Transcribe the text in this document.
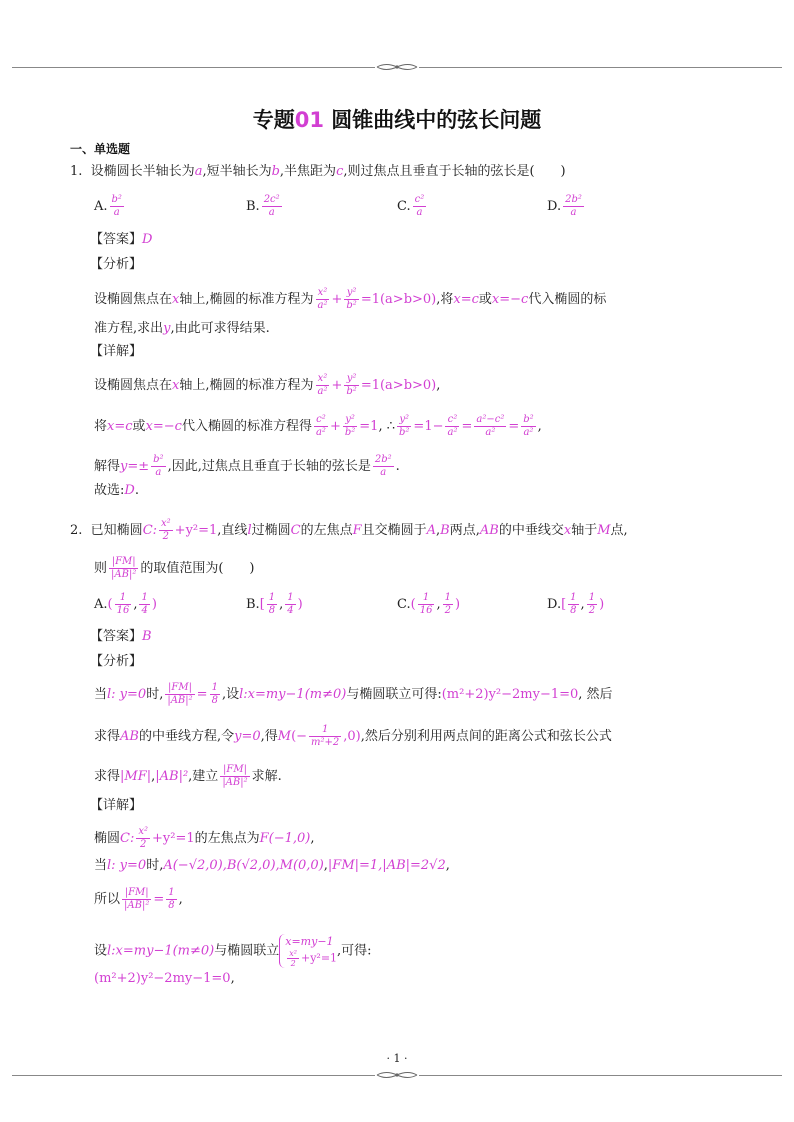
专题01 圆锥曲线中的弦长问题
一、单选题
1. 设椭圆长半轴长为a,短半轴长为b,半焦距为c,则过焦点且垂直于长轴的弦长是(　　)
A. $\frac{\text{b²}}{a}$	B. $\frac{\text{2c²}}{a}$	C. $\frac{\text{c²}}{a}$	D. $\frac{\text{2b²}}{a}$
【答案】D
【分析】
设椭圆焦点在x轴上,椭圆的标准方程为 $\frac{\text{x²}}{\text{a²}} + \frac{\text{y²}}{\text{b²}} =1(a>b>0)$,将x=c或x=−c代入椭圆的标
准方程,求出y,由此可求得结果.
【详解】
设椭圆焦点在x轴上,椭圆的标准方程为 $\frac{\text{x²}}{\text{a²}} + \frac{\text{y²}}{\text{b²}} =1(a>b>0)$,
将x=c或x=−c代入椭圆的标准方程得 $\frac{\text{c²}}{\text{a²}} + \frac{\text{y²}}{\text{b²}} =1$, ∴ $\frac{\text{y²}}{\text{b²}} =1- \frac{\text{c²}}{\text{a²}} = \frac{\text{a²−c²}}{\text{a²}} = \frac{\text{b²}}{\text{a²}}$ ,
解得$y=\pm \frac{\text{b²}}{a}$ ,因此,过焦点且垂直于长轴的弦长是 $\frac{\text{2b²}}{a}$ .
故选:D.
2. 已知椭圆C: $\frac{\text{x²}}{2} +y^2=1$,直线l过椭圆C的左焦点F且交椭圆于A,B两点,AB的中垂线交x轴于M点,
则 $\frac{|FM|}{\text{|AB|²}}$ 的取值范围为(　　)
$A.( \frac{1}{16}$ , $\frac{1}{4}$ )	$B.[ \frac{1}{8}$ , $\frac{1}{4}$ )	$C.( \frac{1}{16}$ , $\frac{1}{2}$ )	$D.[ \frac{1}{8}$ , $\frac{1}{2}$ )
【答案】B
【分析】
当l: y=0时, $\frac{|FM|}{\text{|AB|²}} = \frac{1}{8}$ ,设l:x=my−1(m≠0)与椭圆联立可得:(m²+2)y²−2my−1=0, 然后
求得AB的中垂线方程,令y=0,得$M(- \frac{1}{\text{m²+2}} ,0)$,然后分别利用两点间的距离公式和弦长公式
求得|MF|,|AB|²,建立 $\frac{|FM|}{\text{|AB|²}}$ 求解.
【详解】
椭圆C: $\frac{\text{x²}}{2} +y^2=1$的左焦点为F(−1,0),
当l: y=0时,A(−√2,0),B(√2,0),M(0,0),|FM|=1,|AB|=2√2,
所以 $\frac{|FM|}{\text{|AB|²}} = \frac{1}{8}$ ,
设l:x=my−1(m≠0)与椭圆联立
x=my−1
$\frac{\text{x²}}{2} +y^2=1$ ,可得:
(m²+2)y²−2my−1=0,
· 1 ·
